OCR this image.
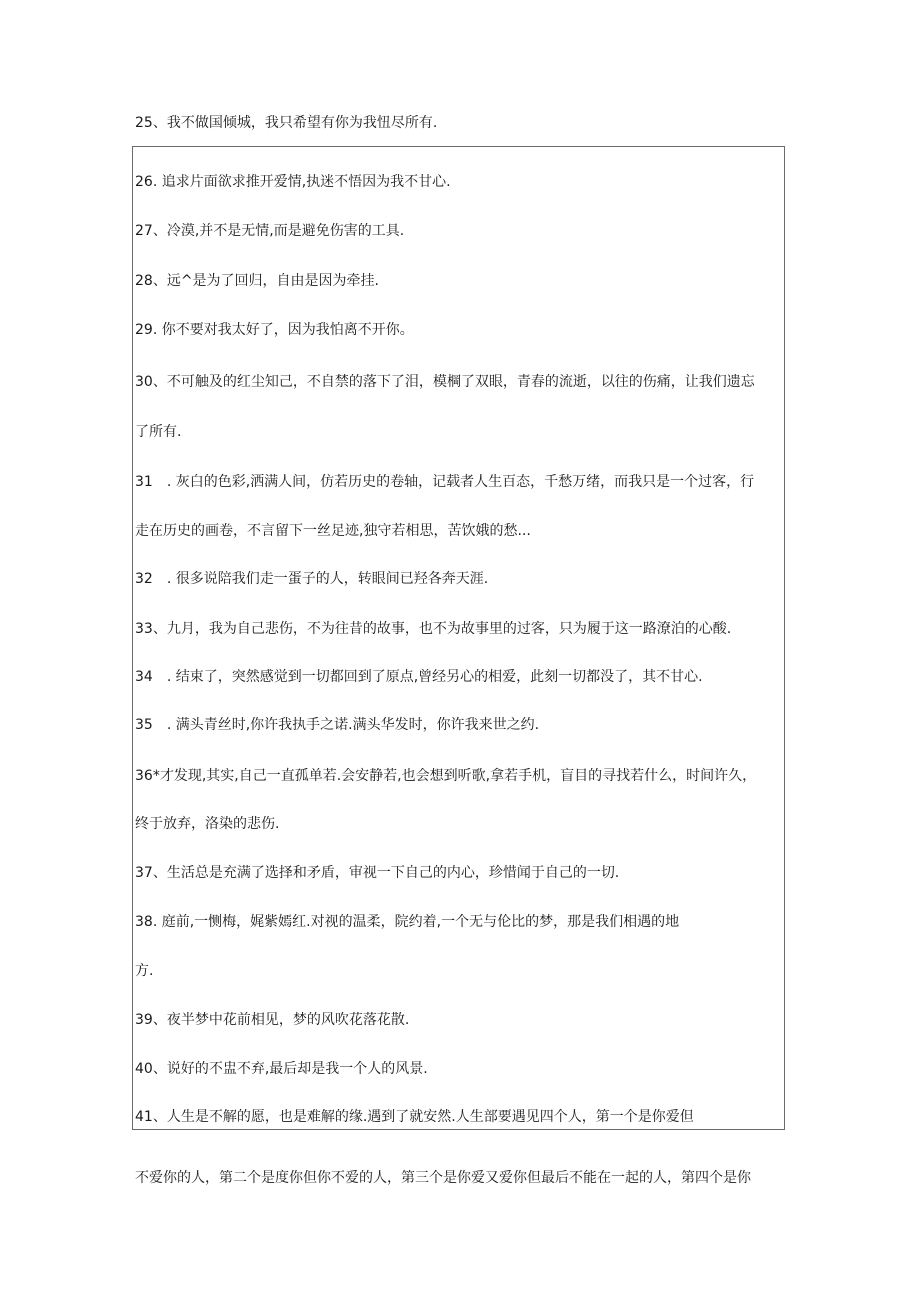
25、我不做国倾城，我只希望有你为我忸尽所有.
26. 追求片面欲求推开爱情,执迷不悟因为我不甘心.
27、冷漠,并不是无情,而是避免伤害的工具.
28、远^是为了回归，自由是因为牵挂.
29. 你不要对我太好了，因为我怕离不开你。
30、不可触及的红尘知己，不自禁的落下了泪，模棡了双眼，青春的流逝，以往的伤痛，让我们遗忘
了所有.
31　. 灰白的色彩,洒满人间，仿若历史的卷轴，记载者人生百态，千愁万绪，而我只是一个过客，行
走在历史的画卷，不言留下一丝足迹,独守若相思，苦饮娥的愁...
32　. 很多说陪我们走一蛋子的人，转眼间已羟各奔天涯.
33、九月，我为自己悲伤，不为往昔的故事，也不为故事里的过客，只为履于这一路潦泊的心酸.
34　. 结束了，突然感觉到一切都回到了原点,曾经另心的相爱，此刻一切都没了，其不甘心.
35　. 满头青丝时,你许我执手之诺.满头华发时，你许我来世之约.
36*才发现,其实,自己一直孤单若.会安静若,也会想到听歌,拿若手机，盲目的寻找若什么，时间许久，
终于放弃，洛染的悲伤.
37、生活总是充满了选择和矛盾，审视一下自己的内心，珍惜闻于自己的一切.
38. 庭前,一恻梅，娓紫嫣红.对视的温柔，院约着,一个无与伦比的梦，那是我们相遇的地
方.
39、夜半梦中花前相见，梦的风吹花落花散.
40、说好的不盅不弃,最后却是我一个人的风景.
41、人生是不解的愿，也是难解的缘.遇到了就安然.人生部要遇见四个人，第一个是你爱但
不爱你的人，第二个是度你但你不爱的人，第三个是你爱又爱你但最后不能在一起的人，第四个是你
